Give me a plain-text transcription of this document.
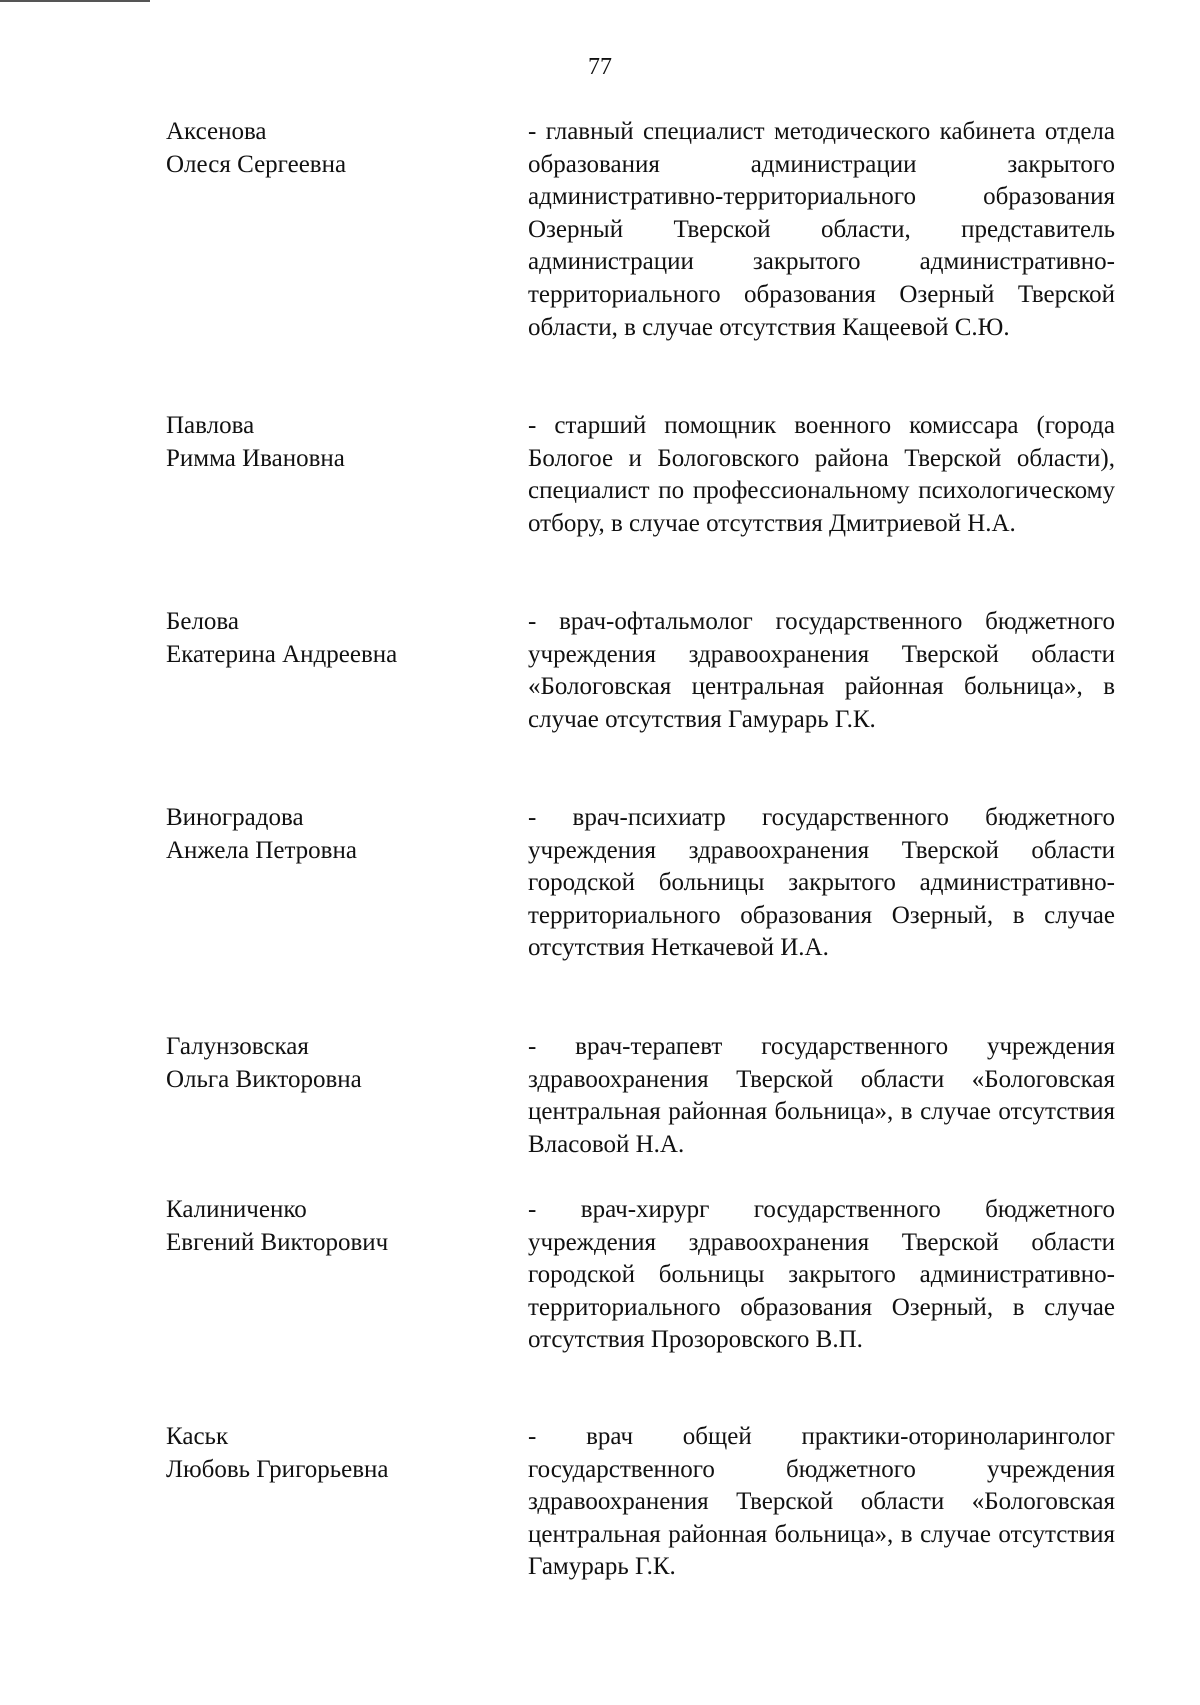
77
Аксенова
Олеся Сергеевна
- главный специалист методического кабинета отдела образования администрации закрытого административно-территориального образования Озерный Тверской области, представитель администрации закрытого административно-территориального образования Озерный Тверской области, в случае отсутствия Кащеевой С.Ю.
Павлова
Римма Ивановна
- старший помощник военного комиссара (города Бологое и Бологовского района Тверской области), специалист по профессиональному психологическому отбору, в случае отсутствия Дмитриевой Н.А.
Белова
Екатерина Андреевна
- врач-офтальмолог государственного бюджетного учреждения здравоохранения Тверской области «Бологовская центральная районная больница», в случае отсутствия Гамурарь Г.К.
Виноградова
Анжела Петровна
- врач-психиатр государственного бюджетного учреждения здравоохранения Тверской области городской больницы закрытого административно-территориального образования Озерный, в случае отсутствия Неткачевой И.А.
Галунзовская
Ольга Викторовна
- врач-терапевт государственного учреждения здравоохранения Тверской области «Бологовская центральная районная больница», в случае отсутствия Власовой Н.А.
Калиниченко
Евгений Викторович
- врач-хирург государственного бюджетного учреждения здравоохранения Тверской области городской больницы закрытого административно-территориального образования Озерный, в случае отсутствия Прозоровского В.П.
Каськ
Любовь Григорьевна
- врач общей практики-оториноларинголог государственного бюджетного учреждения здравоохранения Тверской области «Бологовская центральная районная больница», в случае отсутствия Гамурарь Г.К.
